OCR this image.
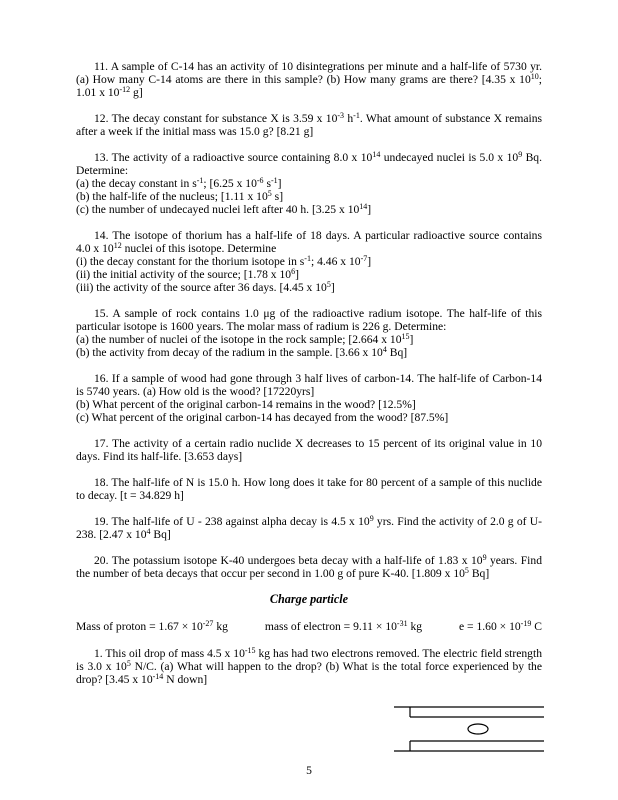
11. A sample of C-14 has an activity of 10 disintegrations per minute and a half-life of 5730 yr. (a) How many C-14 atoms are there in this sample? (b) How many grams are there? [4.35 x $10^{10}$; 1.01 x $10^{-12}$ g]

12. The decay constant for substance X is 3.59 x $10^{-3}$ $h^{-1}$. What amount of substance X remains after a week if the initial mass was 15.0 g? [8.21 g]

13. The activity of a radioactive source containing 8.0 x $10^{14}$ undecayed nuclei is 5.0 x $10^9$ Bq. Determine:

(a) the decay constant in $s^{-1}$; [6.25 x $10^{-6}$ $s^{-1}$]
(b) the half-life of the nucleus; [1.11 x $10^5$ s]
(c) the number of undecayed nuclei left after 40 h. [3.25 x $10^{14}$]

14. The isotope of thorium has a half-life of 18 days. A particular radioactive source contains 4.0 x $10^{12}$ nuclei of this isotope. Determine

(i) the decay constant for the thorium isotope in $s^{-1}$; 4.46 x $10^{-7}$]
(ii) the initial activity of the source; [1.78 x $10^6$]
(iii) the activity of the source after 36 days. [4.45 x $10^5$]

15. A sample of rock contains 1.0 μg of the radioactive radium isotope. The half-life of this particular isotope is 1600 years. The molar mass of radium is 226 g. Determine:

(a) the number of nuclei of the isotope in the rock sample; [2.664 x $10^{15}$]
(b) the activity from decay of the radium in the sample. [3.66 x $10^4$ Bq]

16. If a sample of wood had gone through 3 half lives of carbon-14. The half-life of Carbon-14 is 5740 years. (a) How old is the wood? [17220yrs]

(b) What percent of the original carbon-14 remains in the wood? [12.5%]
(c) What percent of the original carbon-14 has decayed from the wood? [87.5%]

17. The activity of a certain radio nuclide X decreases to 15 percent of its original value in 10 days. Find its half-life. [3.653 days]

18. The half-life of N is 15.0 h. How long does it take for 80 percent of a sample of this nuclide to decay. [t = 34.829 h]

19. The half-life of U - 238 against alpha decay is 4.5 x $10^9$ yrs. Find the activity of 2.0 g of U-238. [2.47 x $10^4$ Bq]

20. The potassium isotope K-40 undergoes beta decay with a half-life of 1.83 x $10^9$ years. Find the number of beta decays that occur per second in 1.00 g of pure K-40. [1.809 x $10^5$ Bq]

Charge particle
Mass of proton = $1.67 \times 10^{-27}$ kg	mass of electron = $9.11 \times 10^{-31}$ kg	$e = 1.60 \times 10^{-19}$ C

1. This oil drop of mass 4.5 x $10^{-15}$ kg has had two electrons removed. The electric field strength is 3.0 x $10^5$ N/C. (a) What will happen to the drop? (b) What is the total force experienced by the drop? [3.45 x $10^{-14}$ N down]

5
